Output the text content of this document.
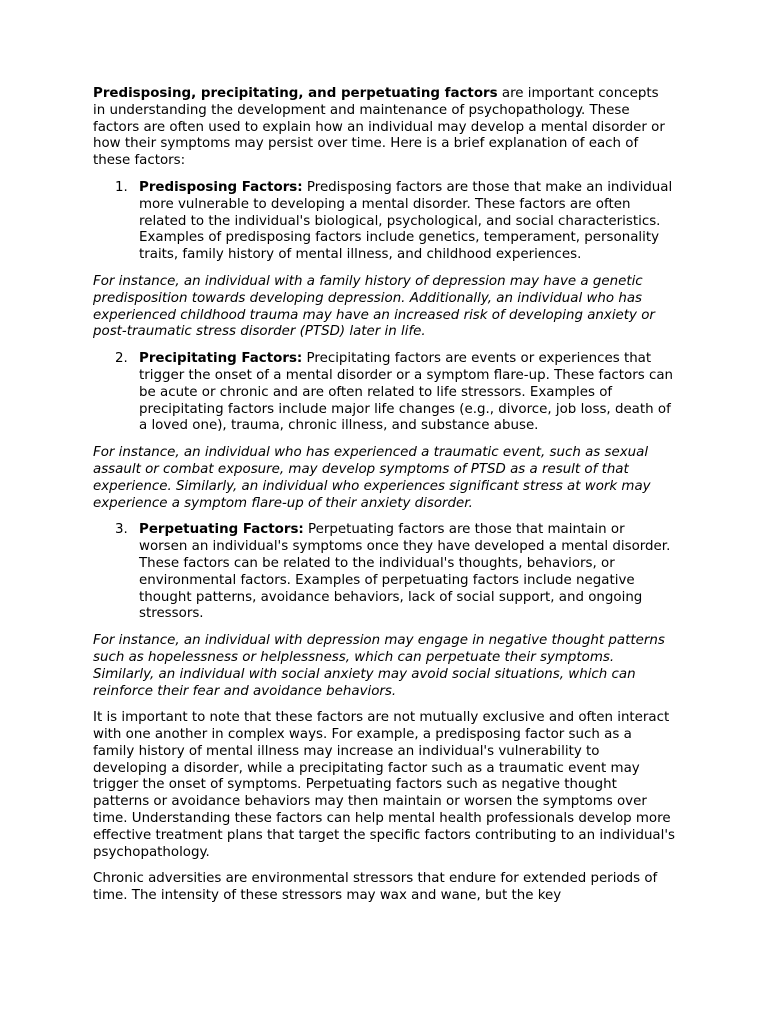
Predisposing, precipitating, and perpetuating factors are important concepts in understanding the development and maintenance of psychopathology. These factors are often used to explain how an individual may develop a mental disorder or how their symptoms may persist over time. Here is a brief explanation of each of these factors:

1. Predisposing Factors: Predisposing factors are those that make an individual more vulnerable to developing a mental disorder. These factors are often related to the individual's biological, psychological, and social characteristics. Examples of predisposing factors include genetics, temperament, personality traits, family history of mental illness, and childhood experiences.

For instance, an individual with a family history of depression may have a genetic predisposition towards developing depression. Additionally, an individual who has experienced childhood trauma may have an increased risk of developing anxiety or post-traumatic stress disorder (PTSD) later in life.

2. Precipitating Factors: Precipitating factors are events or experiences that trigger the onset of a mental disorder or a symptom flare-up. These factors can be acute or chronic and are often related to life stressors. Examples of precipitating factors include major life changes (e.g., divorce, job loss, death of a loved one), trauma, chronic illness, and substance abuse.

For instance, an individual who has experienced a traumatic event, such as sexual assault or combat exposure, may develop symptoms of PTSD as a result of that experience. Similarly, an individual who experiences significant stress at work may experience a symptom flare-up of their anxiety disorder.

3. Perpetuating Factors: Perpetuating factors are those that maintain or worsen an individual's symptoms once they have developed a mental disorder. These factors can be related to the individual's thoughts, behaviors, or environmental factors. Examples of perpetuating factors include negative thought patterns, avoidance behaviors, lack of social support, and ongoing stressors.

For instance, an individual with depression may engage in negative thought patterns such as hopelessness or helplessness, which can perpetuate their symptoms. Similarly, an individual with social anxiety may avoid social situations, which can reinforce their fear and avoidance behaviors.

It is important to note that these factors are not mutually exclusive and often interact with one another in complex ways. For example, a predisposing factor such as a family history of mental illness may increase an individual's vulnerability to developing a disorder, while a precipitating factor such as a traumatic event may trigger the onset of symptoms. Perpetuating factors such as negative thought patterns or avoidance behaviors may then maintain or worsen the symptoms over time. Understanding these factors can help mental health professionals develop more effective treatment plans that target the specific factors contributing to an individual's psychopathology.

Chronic adversities are environmental stressors that endure for extended periods of time. The intensity of these stressors may wax and wane, but the key
